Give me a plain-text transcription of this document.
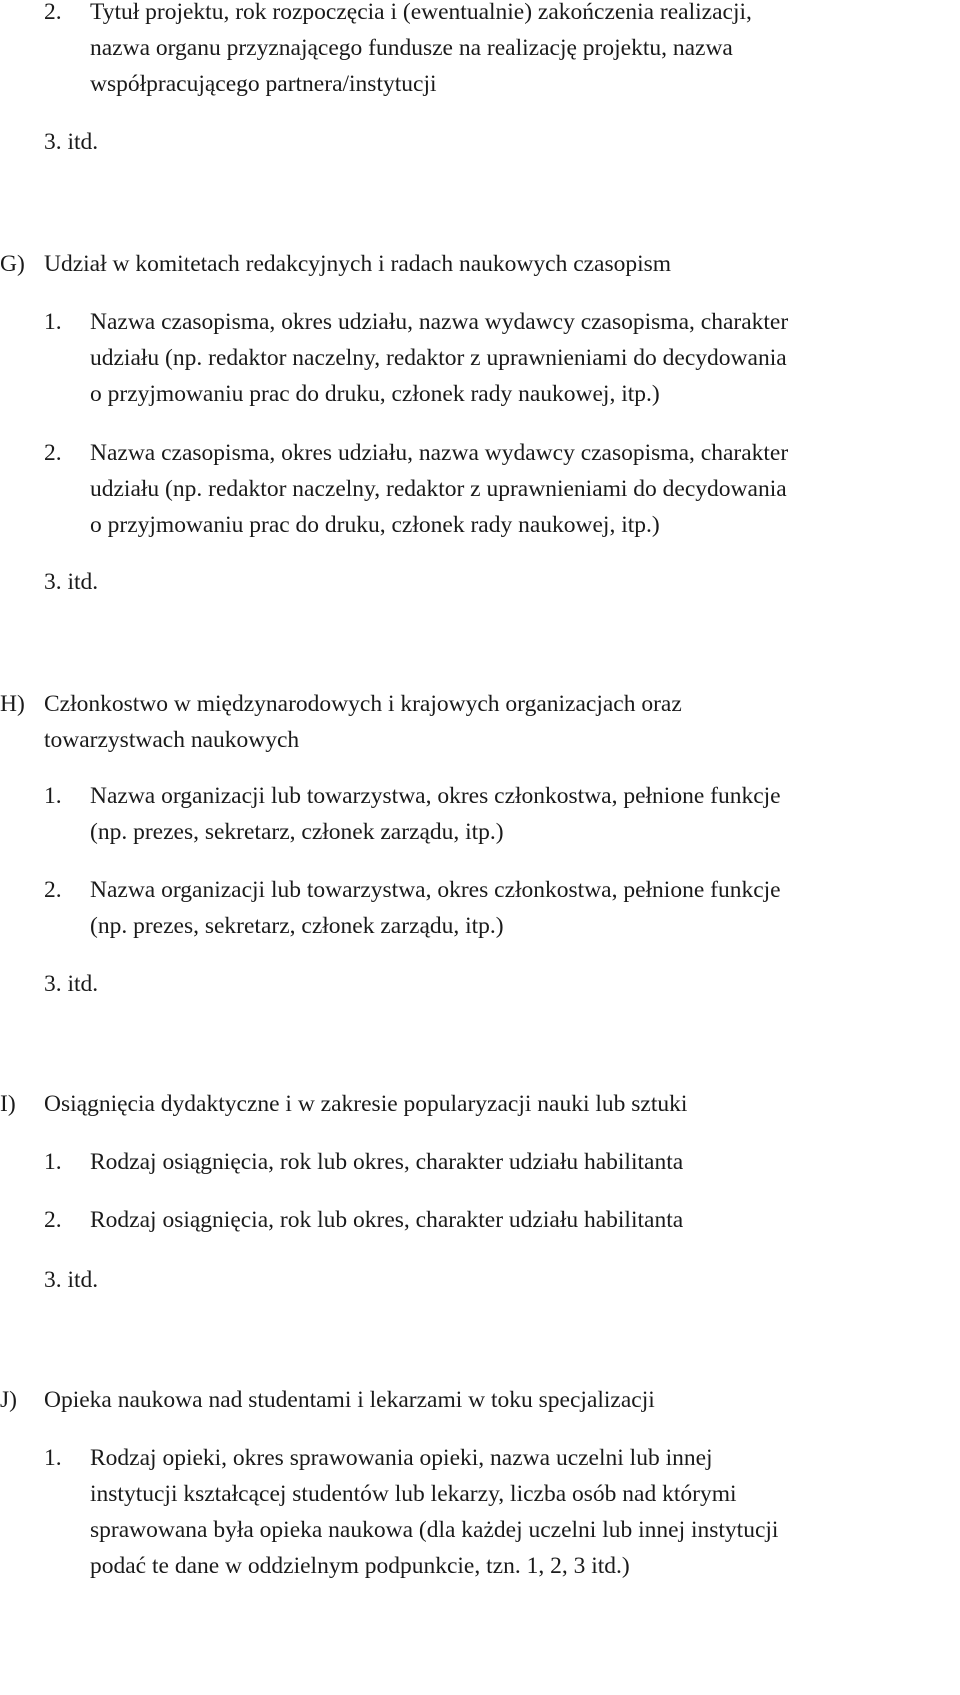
2. Tytuł projektu, rok rozpoczęcia i (ewentualnie) zakończenia realizacji,
nazwa organu przyznającego fundusze na realizację projektu, nazwa
współpracującego partnera/instytucji
3. itd.
G) Udział w komitetach redakcyjnych i radach naukowych czasopism
1. Nazwa czasopisma, okres udziału, nazwa wydawcy czasopisma, charakter
udziału (np. redaktor naczelny, redaktor z uprawnieniami do decydowania
o przyjmowaniu prac do druku, członek rady naukowej, itp.)
2. Nazwa czasopisma, okres udziału, nazwa wydawcy czasopisma, charakter
udziału (np. redaktor naczelny, redaktor z uprawnieniami do decydowania
o przyjmowaniu prac do druku, członek rady naukowej, itp.)
3. itd.
H) Członkostwo w międzynarodowych i krajowych organizacjach oraz
towarzystwach naukowych
1. Nazwa organizacji lub towarzystwa, okres członkostwa, pełnione funkcje
(np. prezes, sekretarz, członek zarządu, itp.)
2. Nazwa organizacji lub towarzystwa, okres członkostwa, pełnione funkcje
(np. prezes, sekretarz, członek zarządu, itp.)
3. itd.
I) Osiągnięcia dydaktyczne i w zakresie popularyzacji nauki lub sztuki
1. Rodzaj osiągnięcia, rok lub okres, charakter udziału habilitanta
2. Rodzaj osiągnięcia, rok lub okres, charakter udziału habilitanta
3. itd.
J) Opieka naukowa nad studentami i lekarzami w toku specjalizacji
1. Rodzaj opieki, okres sprawowania opieki, nazwa uczelni lub innej
instytucji kształcącej studentów lub lekarzy, liczba osób nad którymi
sprawowana była opieka naukowa (dla każdej uczelni lub innej instytucji
podać te dane w oddzielnym podpunkcie, tzn. 1, 2, 3 itd.)
